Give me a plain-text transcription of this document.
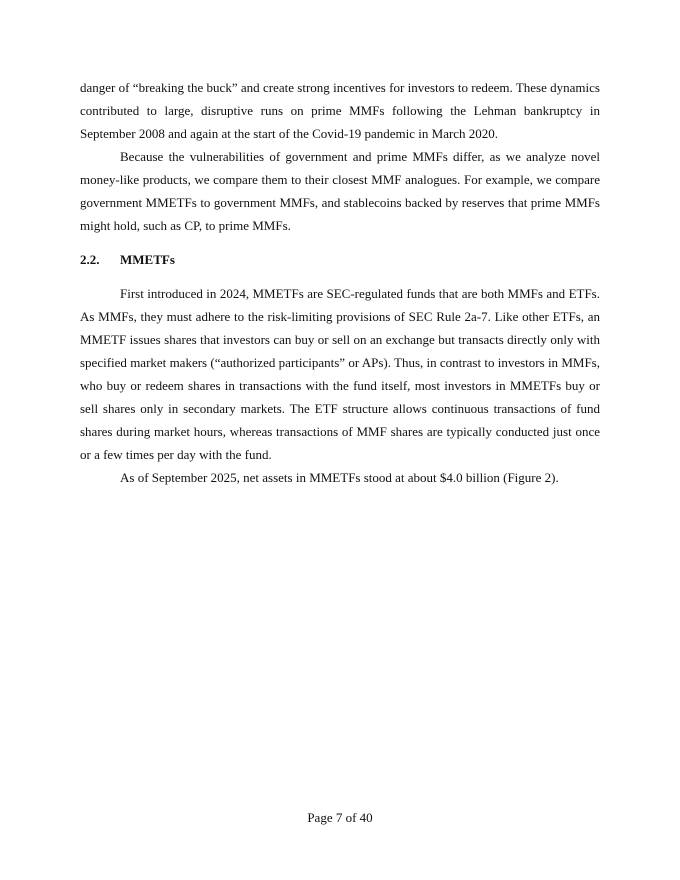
danger of “breaking the buck” and create strong incentives for investors to redeem. These dynamics contributed to large, disruptive runs on prime MMFs following the Lehman bankruptcy in September 2008 and again at the start of the Covid-19 pandemic in March 2020.

Because the vulnerabilities of government and prime MMFs differ, as we analyze novel money-like products, we compare them to their closest MMF analogues. For example, we compare government MMETFs to government MMFs, and stablecoins backed by reserves that prime MMFs might hold, such as CP, to prime MMFs.

2.2. MMETFs

First introduced in 2024, MMETFs are SEC-regulated funds that are both MMFs and ETFs. As MMFs, they must adhere to the risk-limiting provisions of SEC Rule 2a-7. Like other ETFs, an MMETF issues shares that investors can buy or sell on an exchange but transacts directly only with specified market makers (“authorized participants” or APs). Thus, in contrast to investors in MMFs, who buy or redeem shares in transactions with the fund itself, most investors in MMETFs buy or sell shares only in secondary markets. The ETF structure allows continuous transactions of fund shares during market hours, whereas transactions of MMF shares are typically conducted just once or a few times per day with the fund.

As of September 2025, net assets in MMETFs stood at about $4.0 billion (Figure 2).

Page 7 of 40
